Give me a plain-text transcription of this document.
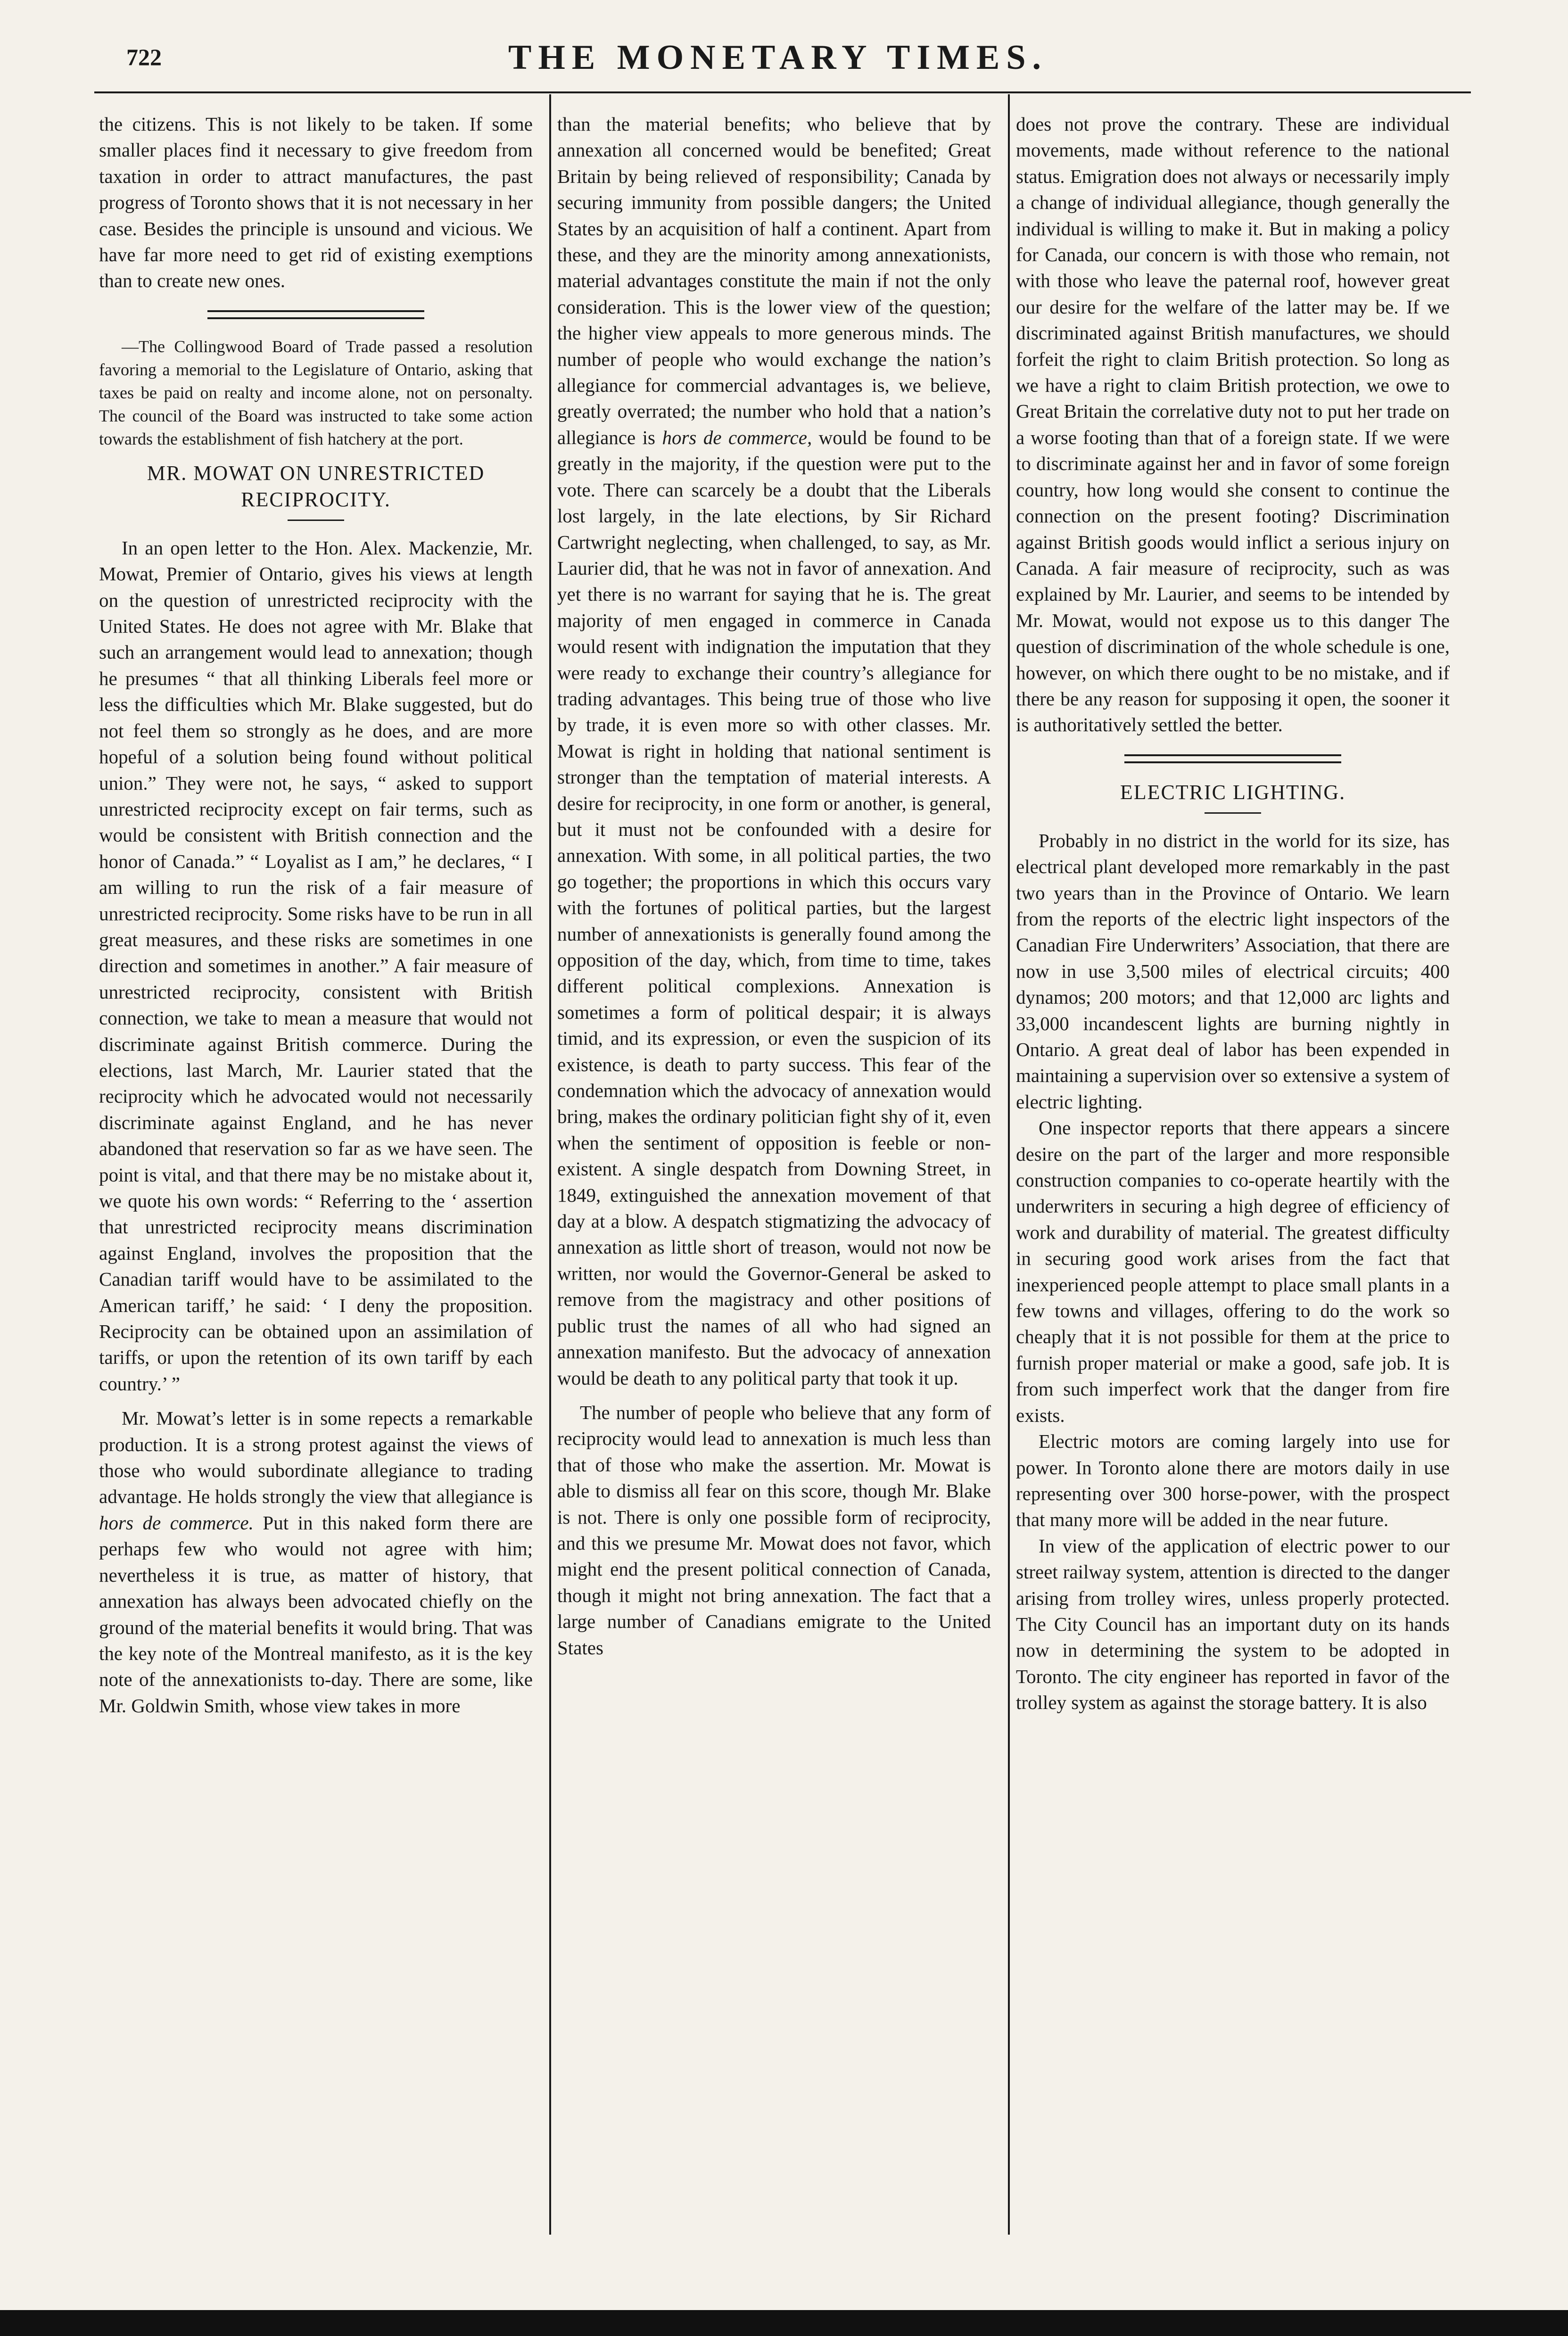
722	THE MONETARY TIMES.

the citizens. This is not likely to be taken. If some smaller places find it necessary to give freedom from taxation in order to attract manufactures, the past progress of Toronto shows that it is not necessary in her case. Besides the principle is unsound and vicious. We have far more need to get rid of existing exemptions than to create new ones.

—The Collingwood Board of Trade passed a resolution favoring a memorial to the Legislature of Ontario, asking that taxes be paid on realty and income alone, not on personalty. The council of the Board was instructed to take some action towards the establishment of fish hatchery at the port.

MR. MOWAT ON UNRESTRICTED RECIPROCITY.

In an open letter to the Hon. Alex. Mackenzie, Mr. Mowat, Premier of Ontario, gives his views at length on the question of unrestricted reciprocity with the United States. He does not agree with Mr. Blake that such an arrangement would lead to annexation; though he presumes “ that all thinking Liberals feel more or less the difficulties which Mr. Blake suggested, but do not feel them so strongly as he does, and are more hopeful of a solution being found without political union.” They were not, he says, “ asked to support unrestricted reciprocity except on fair terms, such as would be consistent with British connection and the honor of Canada.” “ Loyalist as I am,” he declares, “ I am willing to run the risk of a fair measure of unrestricted reciprocity. Some risks have to be run in all great measures, and these risks are sometimes in one direction and sometimes in another.” A fair measure of unrestricted reciprocity, consistent with British connection, we take to mean a measure that would not discriminate against British commerce. During the elections, last March, Mr. Laurier stated that the reciprocity which he advocated would not necessarily discriminate against England, and he has never abandoned that reservation so far as we have seen. The point is vital, and that there may be no mistake about it, we quote his own words: “ Referring to the ‘ assertion that unrestricted reciprocity means discrimination against England, involves the proposition that the Canadian tariff would have to be assimilated to the American tariff,’ he said: ‘ I deny the proposition. Reciprocity can be obtained upon an assimilation of tariffs, or upon the retention of its own tariff by each country.’ ”

Mr. Mowat’s letter is in some repects a remarkable production. It is a strong protest against the views of those who would subordinate allegiance to trading advantage. He holds strongly the view that allegiance is hors de commerce. Put in this naked form there are perhaps few who would not agree with him; nevertheless it is true, as matter of history, that annexation has always been advocated chiefly on the ground of the material benefits it would bring. That was the key note of the Montreal manifesto, as it is the key note of the annexationists to-day. There are some, like Mr. Goldwin Smith, whose view takes in more

than the material benefits; who believe that by annexation all concerned would be benefited; Great Britain by being relieved of responsibility; Canada by securing immunity from possible dangers; the United States by an acquisition of half a continent. Apart from these, and they are the minority among annexationists, material advantages constitute the main if not the only consideration. This is the lower view of the question; the higher view appeals to more generous minds. The number of people who would exchange the nation’s allegiance for commercial advantages is, we believe, greatly overrated; the number who hold that a nation’s allegiance is hors de commerce, would be found to be greatly in the majority, if the question were put to the vote. There can scarcely be a doubt that the Liberals lost largely, in the late elections, by Sir Richard Cartwright neglecting, when challenged, to say, as Mr. Laurier did, that he was not in favor of annexation. And yet there is no warrant for saying that he is. The great majority of men engaged in commerce in Canada would resent with indignation the imputation that they were ready to exchange their country’s allegiance for trading advantages. This being true of those who live by trade, it is even more so with other classes. Mr. Mowat is right in holding that national sentiment is stronger than the temptation of material interests. A desire for reciprocity, in one form or another, is general, but it must not be confounded with a desire for annexation. With some, in all political parties, the two go together; the proportions in which this occurs vary with the fortunes of political parties, but the largest number of annexationists is generally found among the opposition of the day, which, from time to time, takes different political complexions. Annexation is sometimes a form of political despair; it is always timid, and its expression, or even the suspicion of its existence, is death to party success. This fear of the condemnation which the advocacy of annexation would bring, makes the ordinary politician fight shy of it, even when the sentiment of opposition is feeble or non-existent. A single despatch from Downing Street, in 1849, extinguished the annexation movement of that day at a blow. A despatch stigmatizing the advocacy of annexation as little short of treason, would not now be written, nor would the Governor-General be asked to remove from the magistracy and other positions of public trust the names of all who had signed an annexation manifesto. But the advocacy of annexation would be death to any political party that took it up.

The number of people who believe that any form of reciprocity would lead to annexation is much less than that of those who make the assertion. Mr. Mowat is able to dismiss all fear on this score, though Mr. Blake is not. There is only one possible form of reciprocity, and this we presume Mr. Mowat does not favor, which might end the present political connection of Canada, though it might not bring annexation. The fact that a large number of Canadians emigrate to the United States

does not prove the contrary. These are individual movements, made without reference to the national status. Emigration does not always or necessarily imply a change of individual allegiance, though generally the individual is willing to make it. But in making a policy for Canada, our concern is with those who remain, not with those who leave the paternal roof, however great our desire for the welfare of the latter may be. If we discriminated against British manufactures, we should forfeit the right to claim British protection. So long as we have a right to claim British protection, we owe to Great Britain the correlative duty not to put her trade on a worse footing than that of a foreign state. If we were to discriminate against her and in favor of some foreign country, how long would she consent to continue the connection on the present footing? Discrimination against British goods would inflict a serious injury on Canada. A fair measure of reciprocity, such as was explained by Mr. Laurier, and seems to be intended by Mr. Mowat, would not expose us to this danger The question of discrimination of the whole schedule is one, however, on which there ought to be no mistake, and if there be any reason for supposing it open, the sooner it is authoritatively settled the better.

ELECTRIC LIGHTING.

Probably in no district in the world for its size, has electrical plant developed more remarkably in the past two years than in the Province of Ontario. We learn from the reports of the electric light inspectors of the Canadian Fire Underwriters’ Association, that there are now in use 3,500 miles of electrical circuits; 400 dynamos; 200 motors; and that 12,000 arc lights and 33,000 incandescent lights are burning nightly in Ontario. A great deal of labor has been expended in maintaining a supervision over so extensive a system of electric lighting.

One inspector reports that there appears a sincere desire on the part of the larger and more responsible construction companies to co-operate heartily with the underwriters in securing a high degree of efficiency of work and durability of material. The greatest difficulty in securing good work arises from the fact that inexperienced people attempt to place small plants in a few towns and villages, offering to do the work so cheaply that it is not possible for them at the price to furnish proper material or make a good, safe job. It is from such imperfect work that the danger from fire exists.

Electric motors are coming largely into use for power. In Toronto alone there are motors daily in use representing over 300 horse-power, with the prospect that many more will be added in the near future.

In view of the application of electric power to our street railway system, attention is directed to the danger arising from trolley wires, unless properly protected. The City Council has an important duty on its hands now in determining the system to be adopted in Toronto. The city engineer has reported in favor of the trolley system as against the storage battery. It is also
